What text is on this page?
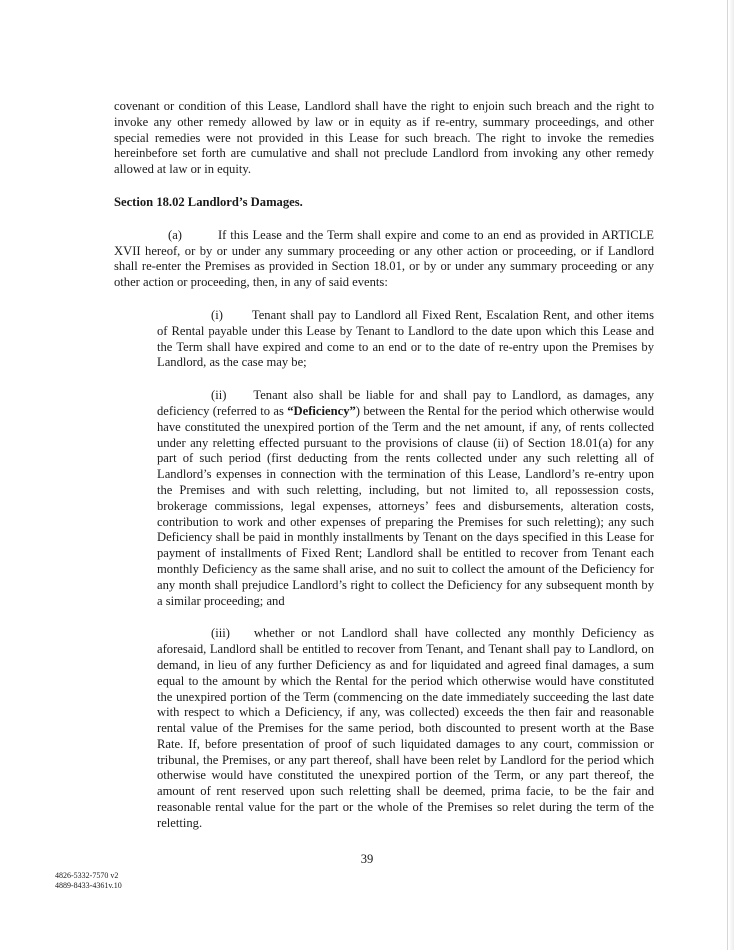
covenant or condition of this Lease, Landlord shall have the right to enjoin such breach and the right to invoke any other remedy allowed by law or in equity as if re-entry, summary proceedings, and other special remedies were not provided in this Lease for such breach. The right to invoke the remedies hereinbefore set forth are cumulative and shall not preclude Landlord from invoking any other remedy allowed at law or in equity.

Section 18.02 Landlord’s Damages.

(a)	If this Lease and the Term shall expire and come to an end as provided in ARTICLE XVII hereof, or by or under any summary proceeding or any other action or proceeding, or if Landlord shall re-enter the Premises as provided in Section 18.01, or by or under any summary proceeding or any other action or proceeding, then, in any of said events:

(i) Tenant shall pay to Landlord all Fixed Rent, Escalation Rent, and other items of Rental payable under this Lease by Tenant to Landlord to the date upon which this Lease and the Term shall have expired and come to an end or to the date of re-entry upon the Premises by Landlord, as the case may be;

(ii) Tenant also shall be liable for and shall pay to Landlord, as damages, any deficiency (referred to as “Deficiency”) between the Rental for the period which otherwise would have constituted the unexpired portion of the Term and the net amount, if any, of rents collected under any reletting effected pursuant to the provisions of clause (ii) of Section 18.01(a) for any part of such period (first deducting from the rents collected under any such reletting all of Landlord’s expenses in connection with the termination of this Lease, Landlord’s re-entry upon the Premises and with such reletting, including, but not limited to, all repossession costs, brokerage commissions, legal expenses, attorneys’ fees and disbursements, alteration costs, contribution to work and other expenses of preparing the Premises for such reletting); any such Deficiency shall be paid in monthly installments by Tenant on the days specified in this Lease for payment of installments of Fixed Rent; Landlord shall be entitled to recover from Tenant each monthly Deficiency as the same shall arise, and no suit to collect the amount of the Deficiency for any month shall prejudice Landlord’s right to collect the Deficiency for any subsequent month by a similar proceeding; and

(iii) whether or not Landlord shall have collected any monthly Deficiency as aforesaid, Landlord shall be entitled to recover from Tenant, and Tenant shall pay to Landlord, on demand, in lieu of any further Deficiency as and for liquidated and agreed final damages, a sum equal to the amount by which the Rental for the period which otherwise would have constituted the unexpired portion of the Term (commencing on the date immediately succeeding the last date with respect to which a Deficiency, if any, was collected) exceeds the then fair and reasonable rental value of the Premises for the same period, both discounted to present worth at the Base Rate. If, before presentation of proof of such liquidated damages to any court, commission or tribunal, the Premises, or any part thereof, shall have been relet by Landlord for the period which otherwise would have constituted the unexpired portion of the Term, or any part thereof, the amount of rent reserved upon such reletting shall be deemed, prima facie, to be the fair and reasonable rental value for the part or the whole of the Premises so relet during the term of the reletting.

39
4826-5332-7570 v2
4889-8433-4361v.10
